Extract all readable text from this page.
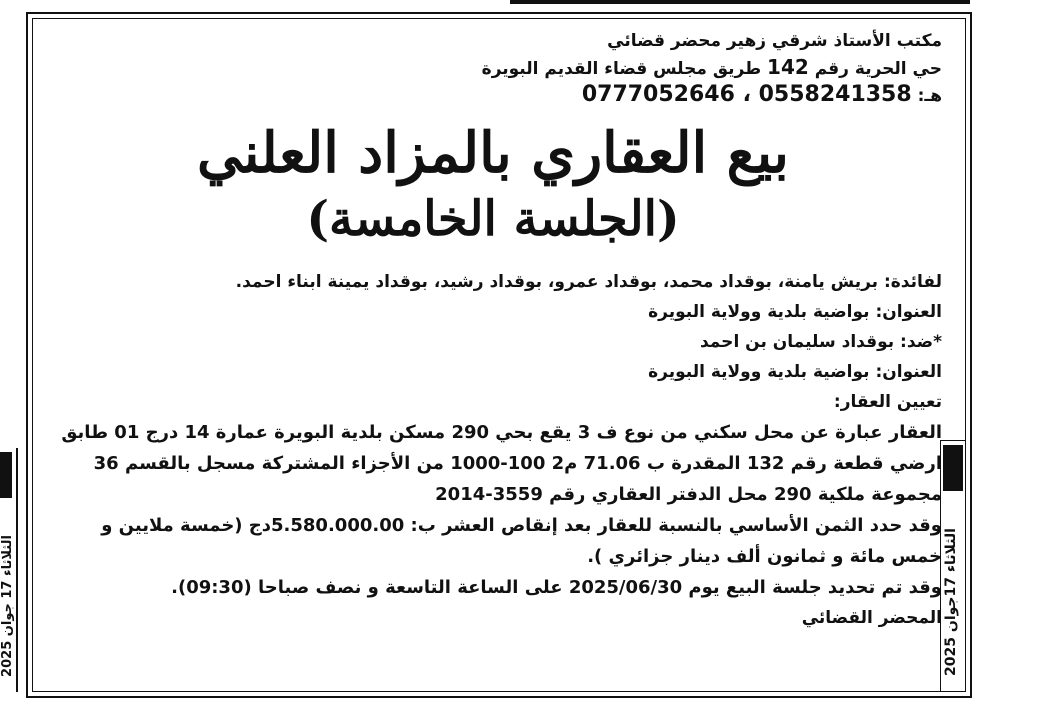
مكتب الأستاذ شرقي زهير محضر قضائي
حي الحرية رقم 142 طريق مجلس قضاء القديم البويرة
هـ: 0558241358 ، 0777052646
بيع العقاري بالمزاد العلني
(الجلسة الخامسة)
لفائدة: بريش يامنة، بوقداد محمد، بوقداد عمرو، بوقداد رشيد، بوقداد يمينة ابناء احمد.
العنوان: بواضية بلدية وولاية البويرة
*ضد: بوقداد سليمان بن احمد
العنوان: بواضية بلدية وولاية البويرة
تعيين العقار:
العقار عبارة عن محل سكني من نوع ف 3 يقع بحي 290 مسكن بلدية البويرة عمارة 14 درج 01 طابق
ارضي قطعة رقم 132 المقدرة ب 71.06 م2 100-1000 من الأجزاء المشتركة مسجل بالقسم 36
مجموعة ملكية 290 محل الدفتر العقاري رقم 3559-2014
وقد حدد الثمن الأساسي بالنسبة للعقار بعد إنقاص العشر ب: 5.580.000.00دج (خمسة ملايين و
خمس مائة و ثمانون ألف دينار جزائري ).
وقد تم تحديد جلسة البيع يوم 2025/06/30 على الساعة التاسعة و نصف صباحا (09:30).
المحضر القضائي
الثلاثاء 17جوان 2025
الثلاثاء 17 جوان 2025
